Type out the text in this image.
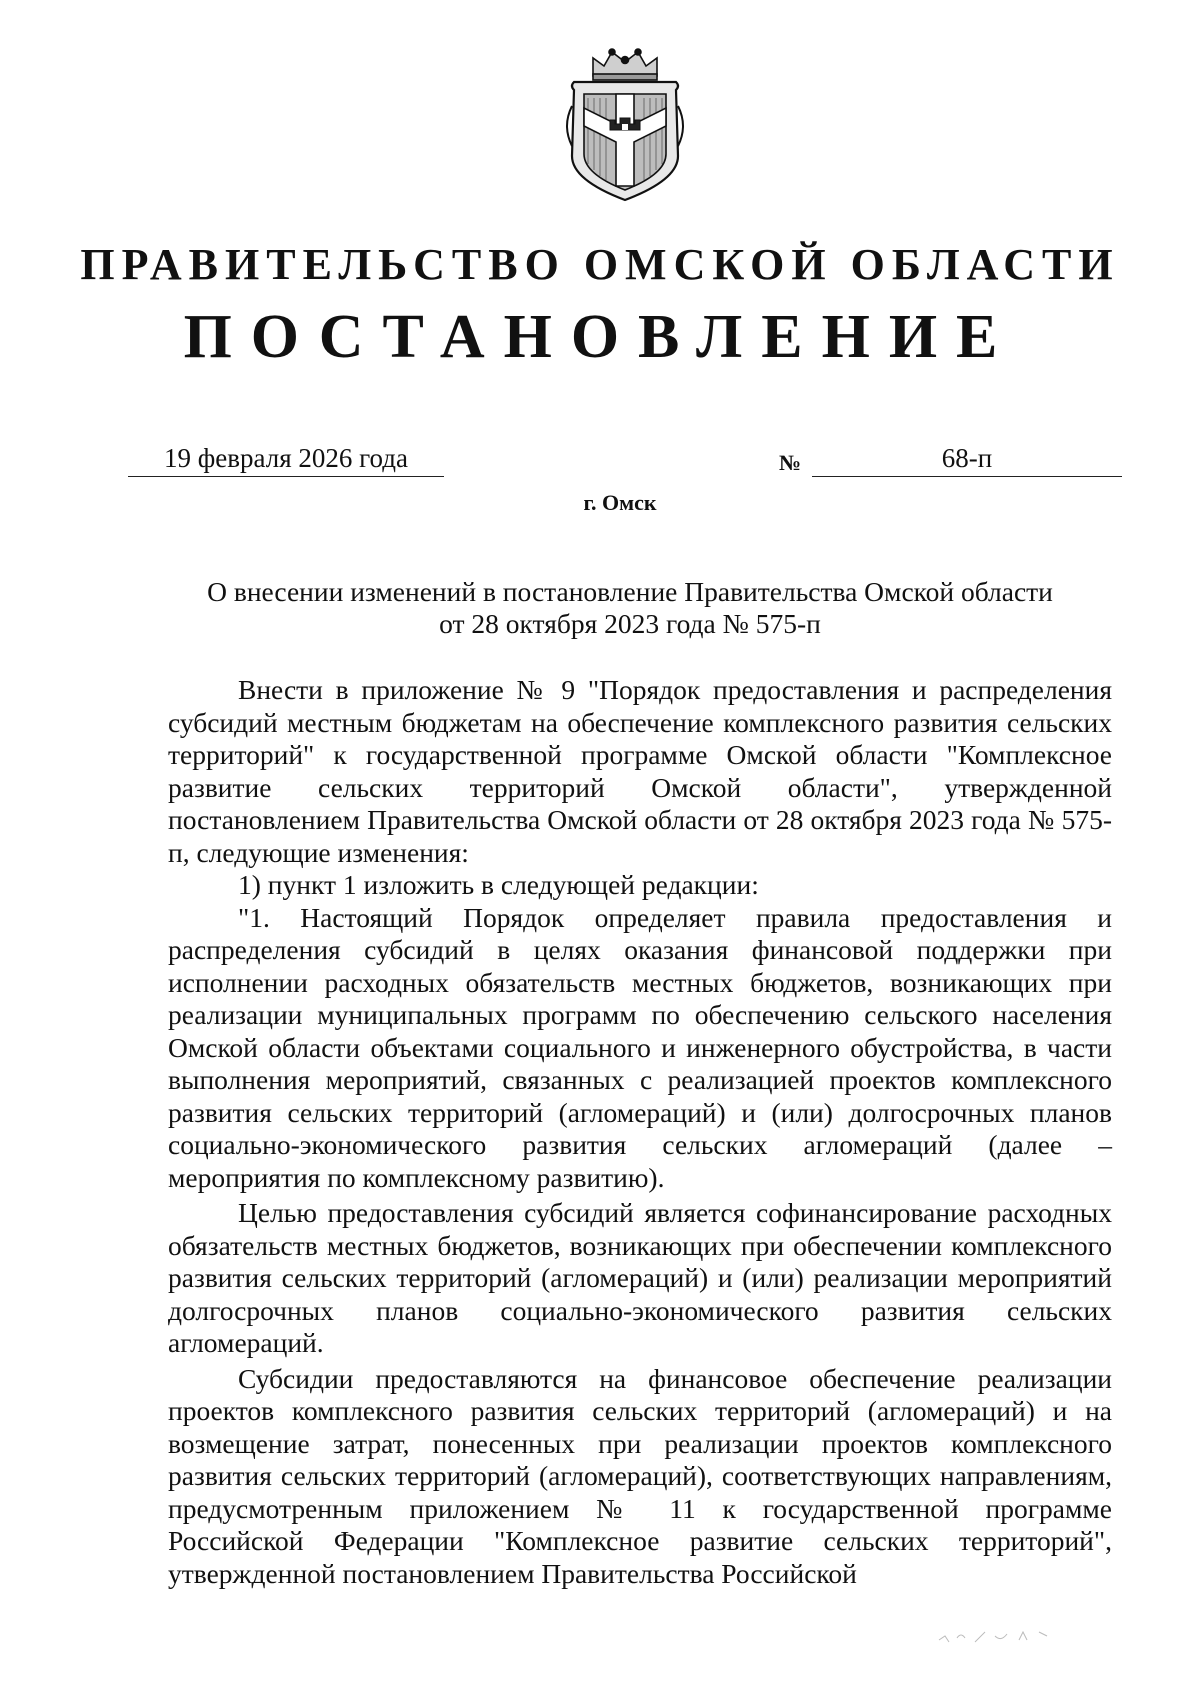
ПРАВИТЕЛЬСТВО ОМСКОЙ ОБЛАСТИ
ПОСТАНОВЛЕНИЕ
19 февраля 2026 года	№	68-п
г. Омск
О внесении изменений в постановление Правительства Омской области
от 28 октября 2023 года № 575-п

Внести в приложение № 9 "Порядок предоставления и распределения субсидий местным бюджетам на обеспечение комплексного развития сельских территорий" к государственной программе Омской области "Комплексное развитие сельских территорий Омской области", утвержденной постановлением Правительства Омской области от 28 октября 2023 года № 575-п, следующие изменения:

1) пункт 1 изложить в следующей редакции:

"1. Настоящий Порядок определяет правила предоставления и распределения субсидий в целях оказания финансовой поддержки при исполнении расходных обязательств местных бюджетов, возникающих при реализации муниципальных программ по обеспечению сельского населения Омской области объектами социального и инженерного обустройства, в части выполнения мероприятий, связанных с реализацией проектов комплексного развития сельских территорий (агломераций) и (или) долгосрочных планов социально-экономического развития сельских агломераций (далее – мероприятия по комплексному развитию).

Целью предоставления субсидий является софинансирование расходных обязательств местных бюджетов, возникающих при обеспечении комплексного развития сельских территорий (агломераций) и (или) реализации мероприятий долгосрочных планов социально-экономического развития сельских агломераций.

Субсидии предоставляются на финансовое обеспечение реализации проектов комплексного развития сельских территорий (агломераций) и на возмещение затрат, понесенных при реализации проектов комплексного развития сельских территорий (агломераций), соответствующих направлениям, предусмотренным приложением № 11 к государственной программе Российской Федерации "Комплексное развитие сельских территорий", утвержденной постановлением Правительства Российской
